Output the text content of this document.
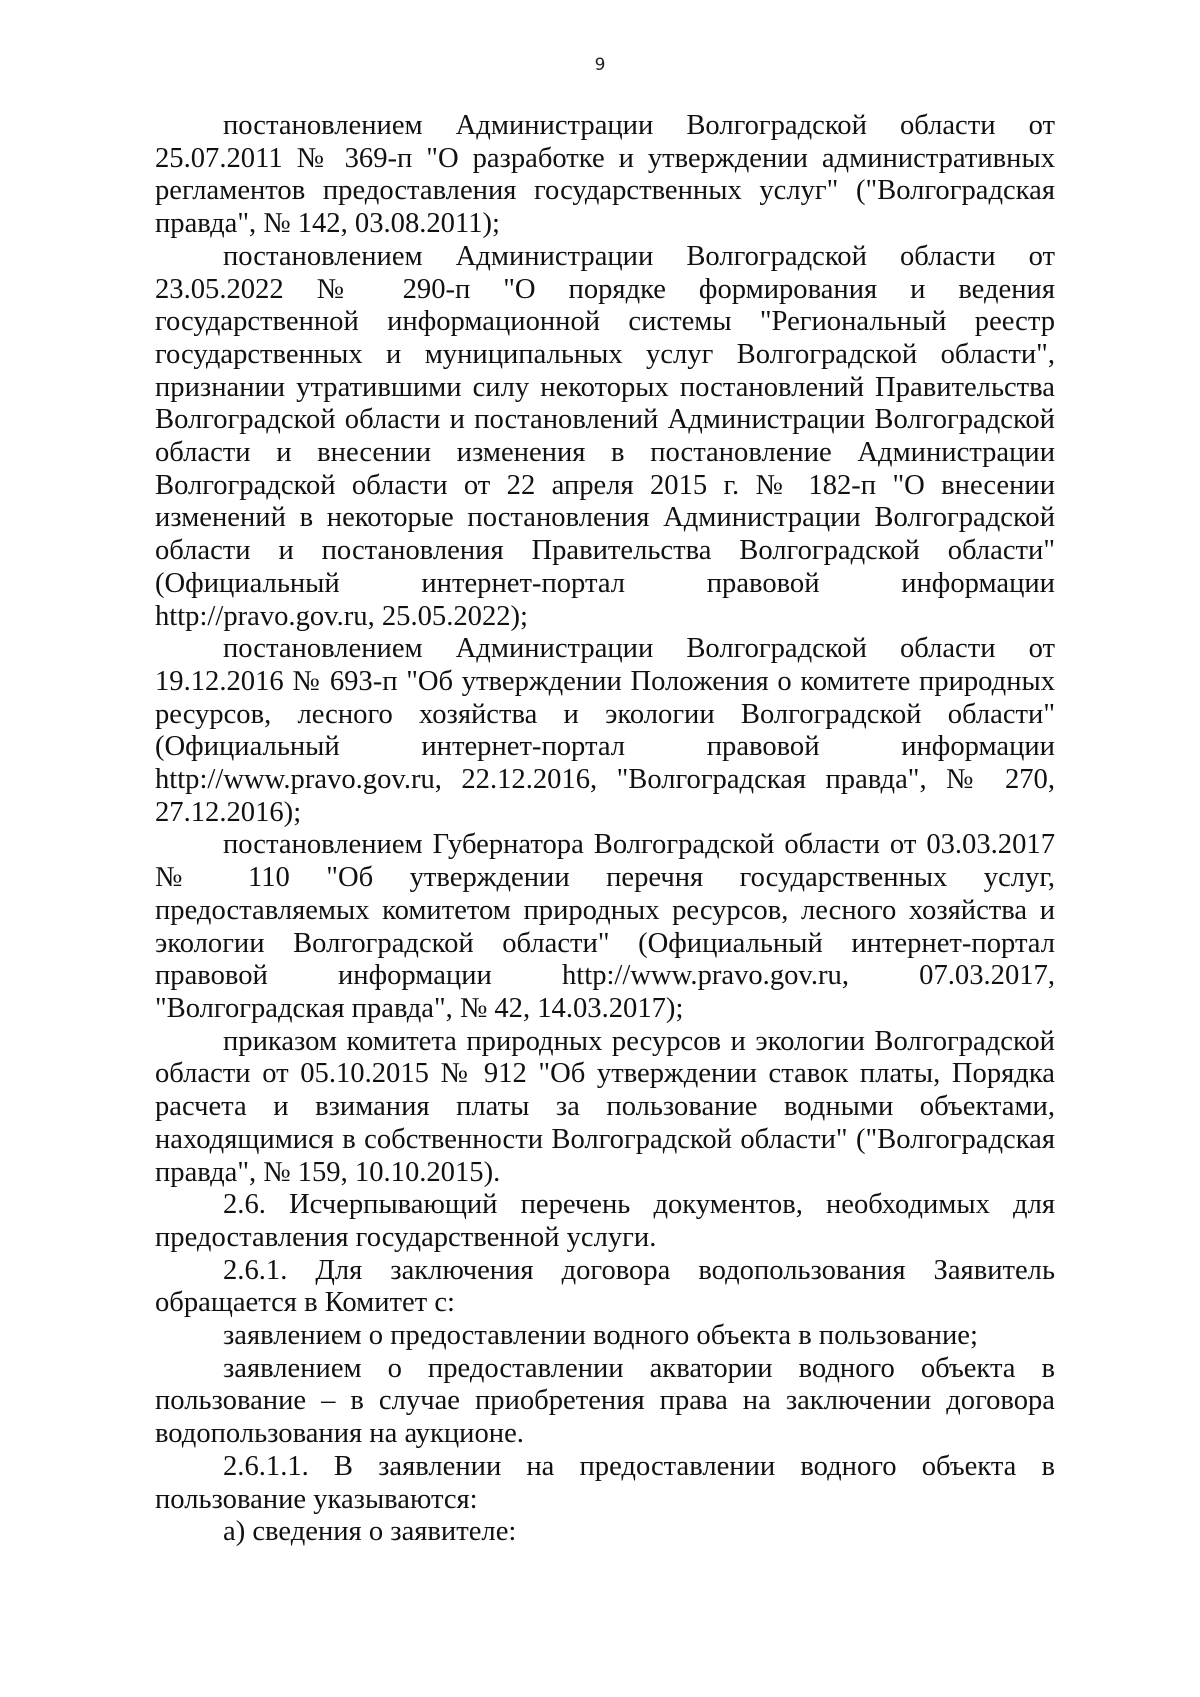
9

постановлением Администрации Волгоградской области от 25.07.2011 № 369-п "О разработке и утверждении административных регламентов предоставления государственных услуг" ("Волгоградская правда", № 142, 03.08.2011);

постановлением Администрации Волгоградской области от 23.05.2022 № 290-п "О порядке формирования и ведения государственной информационной системы "Региональный реестр государственных и муниципальных услуг Волгоградской области", признании утратившими силу некоторых постановлений Правительства Волгоградской области и постановлений Администрации Волгоградской области и внесении изменения в постановление Администрации Волгоградской области от 22 апреля 2015 г. № 182-п "О внесении изменений в некоторые постановления Администрации Волгоградской области и постановления Правительства Волгоградской области" (Официальный интернет-портал правовой информации http://pravo.gov.ru, 25.05.2022);

постановлением Администрации Волгоградской области от 19.12.2016 № 693-п "Об утверждении Положения о комитете природных ресурсов, лесного хозяйства и экологии Волгоградской области" (Официальный интернет-портал правовой информации http://www.pravo.gov.ru, 22.12.2016, "Волгоградская правда", № 270, 27.12.2016);

постановлением Губернатора Волгоградской области от 03.03.2017 № 110 "Об утверждении перечня государственных услуг, предоставляемых комитетом природных ресурсов, лесного хозяйства и экологии Волгоградской области" (Официальный интернет-портал правовой информации http://www.pravo.gov.ru, 07.03.2017, "Волгоградская правда", № 42, 14.03.2017);

приказом комитета природных ресурсов и экологии Волгоградской области от 05.10.2015 № 912 "Об утверждении ставок платы, Порядка расчета и взимания платы за пользование водными объектами, находящимися в собственности Волгоградской области" ("Волгоградская правда", № 159, 10.10.2015).

2.6. Исчерпывающий перечень документов, необходимых для предоставления государственной услуги.

2.6.1. Для заключения договора водопользования Заявитель обращается в Комитет с:

заявлением о предоставлении водного объекта в пользование;

заявлением о предоставлении акватории водного объекта в пользование – в случае приобретения права на заключении договора водопользования на аукционе.

2.6.1.1. В заявлении на предоставлении водного объекта в пользование указываются:

а) сведения о заявителе:
